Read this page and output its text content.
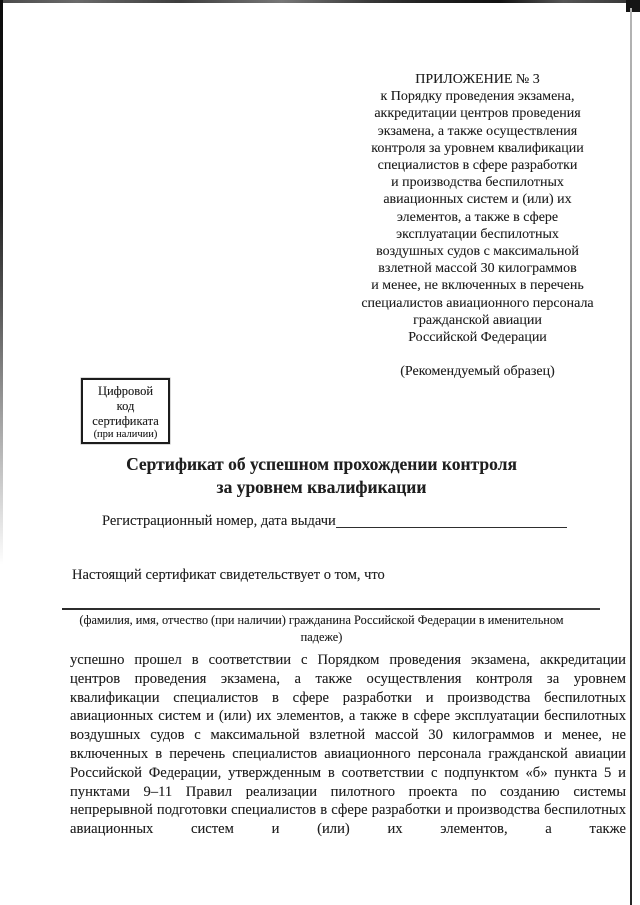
ПРИЛОЖЕНИЕ № 3
к Порядку проведения экзамена,
аккредитации центров проведения
экзамена, а также осуществления
контроля за уровнем квалификации
специалистов в сфере разработки
и производства беспилотных
авиационных систем и (или) их
элементов, а также в сфере
эксплуатации беспилотных
воздушных судов с максимальной
взлетной массой 30 килограммов
и менее, не включенных в перечень
специалистов авиационного персонала
гражданской авиации
Российской Федерации
(Рекомендуемый образец)
Цифровой
код
сертификата
(при наличии)
Сертификат об успешном прохождении контроля
за уровнем квалификации
Регистрационный номер, дата выдачи
Настоящий сертификат свидетельствует о том, что
(фамилия, имя, отчество (при наличии) гражданина Российской Федерации в именительном
падеже)
успешно прошел в соответствии с Порядком проведения экзамена, аккредитации центров проведения экзамена, а также осуществления контроля за уровнем квалификации специалистов в сфере разработки и производства беспилотных авиационных систем и (или) их элементов, а также в сфере эксплуатации беспилотных воздушных судов с максимальной взлетной массой 30 килограммов и менее, не включенных в перечень специалистов авиационного персонала гражданской авиации Российской Федерации, утвержденным в соответствии с подпунктом «б» пункта 5 и пунктами 9–11 Правил реализации пилотного проекта по созданию системы непрерывной подготовки специалистов в сфере разработки и производства беспилотных авиационных систем и (или) их элементов, а также
